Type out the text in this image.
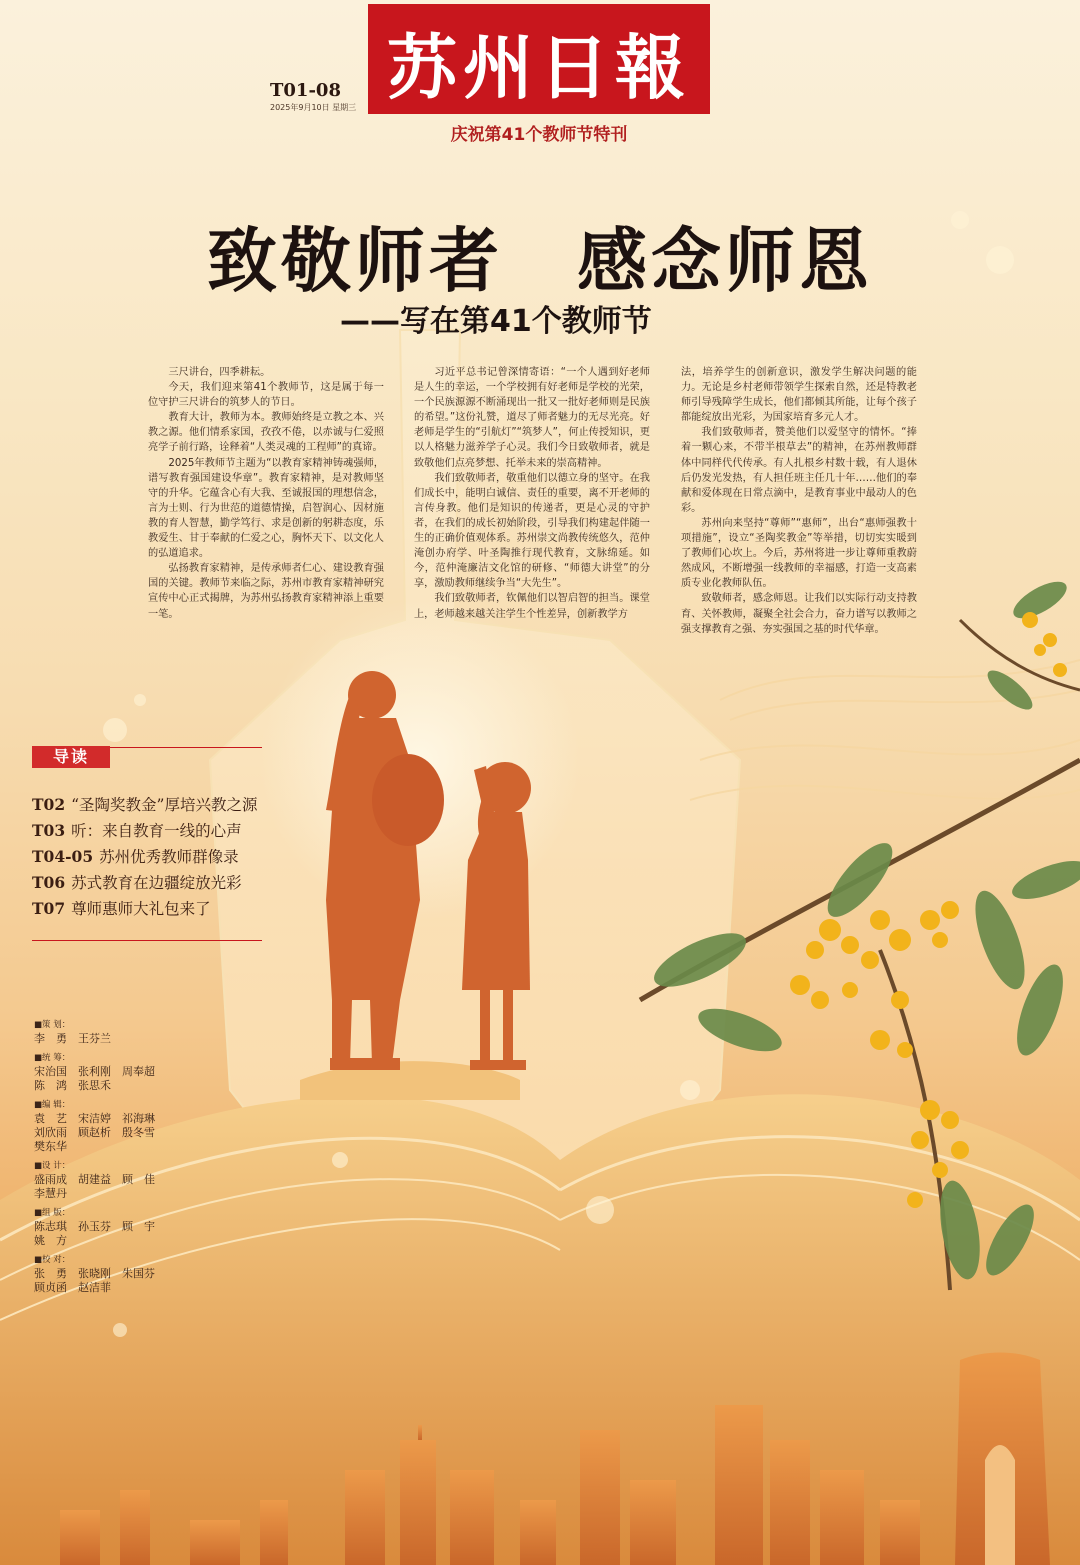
T01-08
2025年9月10日 星期三 苏州日報
庆祝第41个教师节特刊
致敬师者　感念师恩
——写在第41个教师节

三尺讲台，四季耕耘。

今天，我们迎来第41个教师节，这是属于每一位守护三尺讲台的筑梦人的节日。

教育大计，教师为本。教师始终是立教之本、兴教之源。他们情系家国，孜孜不倦，以赤诚与仁爱照亮学子前行路，诠释着“人类灵魂的工程师”的真谛。

2025年教师节主题为“以教育家精神铸魂强师，谱写教育强国建设华章”。教育家精神，是对教师坚守的升华。它蕴含心有大我、至诚报国的理想信念，言为士则、行为世范的道德情操，启智润心、因材施教的育人智慧，勤学笃行、求是创新的躬耕态度，乐教爱生、甘于奉献的仁爱之心，胸怀天下、以文化人的弘道追求。

弘扬教育家精神，是传承师者仁心、建设教育强国的关键。教师节来临之际，苏州市教育家精神研究宣传中心正式揭牌，为苏州弘扬教育家精神添上重要一笔。

习近平总书记曾深情寄语：“一个人遇到好老师是人生的幸运，一个学校拥有好老师是学校的光荣，一个民族源源不断涌现出一批又一批好老师则是民族的希望。”这份礼赞，道尽了师者魅力的无尽光亮。好老师是学生的“引航灯”“筑梦人”，何止传授知识，更以人格魅力滋养学子心灵。我们今日致敬师者，就是致敬他们点亮梦想、托举未来的崇高精神。

我们致敬师者，敬重他们以德立身的坚守。在我们成长中，能明白诚信、责任的重要，离不开老师的言传身教。他们是知识的传递者，更是心灵的守护者，在我们的成长初始阶段，引导我们构建起伴随一生的正确价值观体系。苏州崇文尚教传统悠久，范仲淹创办府学、叶圣陶推行现代教育，文脉绵延。如今，范仲淹廉洁文化馆的研修、“师德大讲堂”的分享，激励教师继续争当“大先生”。

我们致敬师者，钦佩他们以智启智的担当。课堂上，老师越来越关注学生个性差异，创新教学方

法，培养学生的创新意识，激发学生解决问题的能力。无论是乡村老师带领学生探索自然，还是特教老师引导残障学生成长，他们都倾其所能，让每个孩子都能绽放出光彩，为国家培育多元人才。

我们致敬师者，赞美他们以爱坚守的情怀。“捧着一颗心来，不带半根草去”的精神，在苏州教师群体中同样代代传承。有人扎根乡村数十载，有人退休后仍发光发热，有人担任班主任几十年……他们的奉献和爱体现在日常点滴中，是教育事业中最动人的色彩。

苏州向来坚持“尊师”“惠师”，出台“惠师强教十项措施”，设立“圣陶奖教金”等举措，切切实实暖到了教师们心坎上。今后，苏州将进一步让尊师重教蔚然成风，不断增强一线教师的幸福感，打造一支高素质专业化教师队伍。

致敬师者，感念师恩。让我们以实际行动支持教育、关怀教师，凝聚全社会合力，奋力谱写以教师之强支撑教育之强、夯实强国之基的时代华章。

导读
T02 “圣陶奖教金”厚培兴教之源
T03 听：来自教育一线的心声
T04-05 苏州优秀教师群像录
T06 苏式教育在边疆绽放光彩
T07 尊师惠师大礼包来了
■策 划：
李　勇　王芬兰
■统 筹：
宋治国　张利刚　周奉超
陈　鸿　张思禾
■编 辑：
袁　艺　宋洁婷　祁海琳
刘欣雨　顾赵析　殷冬雪
樊东华
■设 计：
盛雨成　胡建益　顾　佳
李慧丹
■组 版：
陈志琪　孙玉芬　顾　宇
姚　方
■校 对：
张　勇　张晓刚　朱国芬
顾贞函　赵洁菲
